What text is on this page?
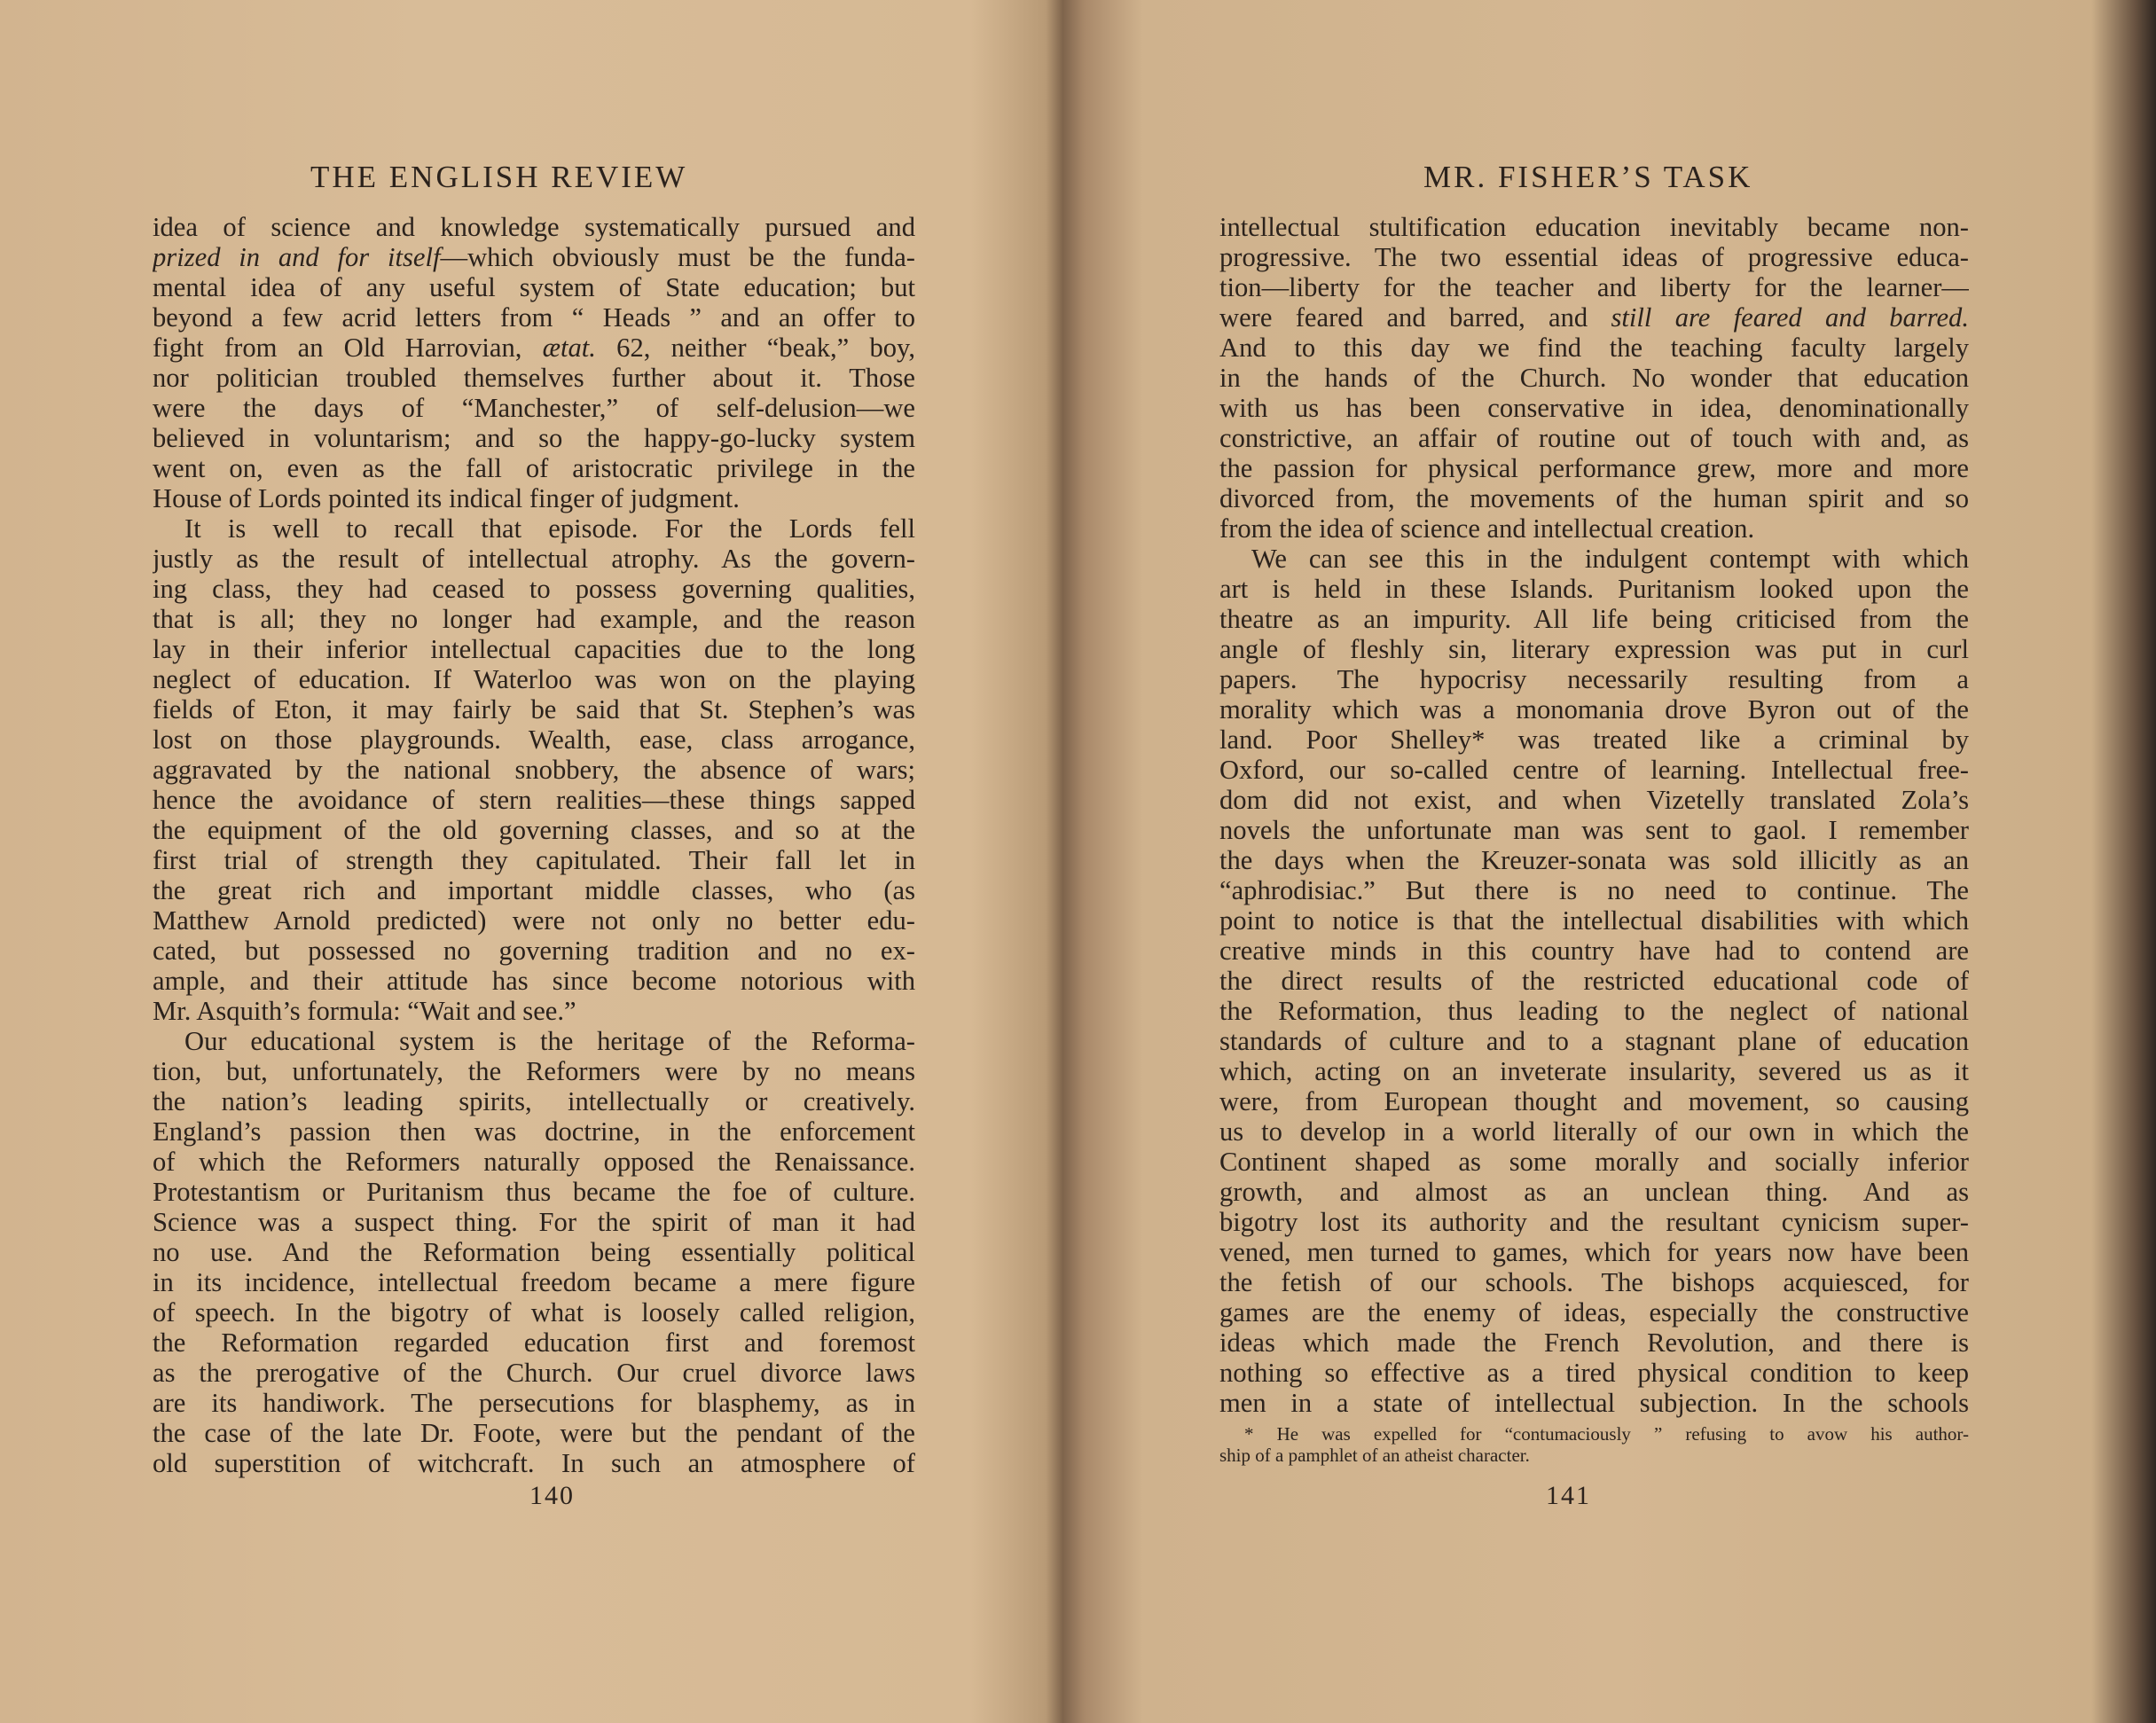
THE ENGLISH REVIEW
idea of science and knowledge systematically pursued and
prized in and for itself—which obviously must be the funda-
mental idea of any useful system of State education; but
beyond a few acrid letters from “ Heads ” and an offer to
fight from an Old Harrovian, ætat. 62, neither “beak,” boy,
nor politician troubled themselves further about it. Those
were the days of “Manchester,” of self-delusion—we
believed in voluntarism; and so the happy-go-lucky system
went on, even as the fall of aristocratic privilege in the
House of Lords pointed its indical finger of judgment.
It is well to recall that episode. For the Lords fell
justly as the result of intellectual atrophy. As the govern-
ing class, they had ceased to possess governing qualities,
that is all; they no longer had example, and the reason
lay in their inferior intellectual capacities due to the long
neglect of education. If Waterloo was won on the playing
fields of Eton, it may fairly be said that St. Stephen’s was
lost on those playgrounds. Wealth, ease, class arrogance,
aggravated by the national snobbery, the absence of wars;
hence the avoidance of stern realities—these things sapped
the equipment of the old governing classes, and so at the
first trial of strength they capitulated. Their fall let in
the great rich and important middle classes, who (as
Matthew Arnold predicted) were not only no better edu-
cated, but possessed no governing tradition and no ex-
ample, and their attitude has since become notorious with
Mr. Asquith’s formula: “Wait and see.”
Our educational system is the heritage of the Reforma-
tion, but, unfortunately, the Reformers were by no means
the nation’s leading spirits, intellectually or creatively.
England’s passion then was doctrine, in the enforcement
of which the Reformers naturally opposed the Renaissance.
Protestantism or Puritanism thus became the foe of culture.
Science was a suspect thing. For the spirit of man it had
no use. And the Reformation being essentially political
in its incidence, intellectual freedom became a mere figure
of speech. In the bigotry of what is loosely called religion,
the Reformation regarded education first and foremost
as the prerogative of the Church. Our cruel divorce laws
are its handiwork. The persecutions for blasphemy, as in
the case of the late Dr. Foote, were but the pendant of the
old superstition of witchcraft. In such an atmosphere of
140
MR. FISHER’S TASK
intellectual stultification education inevitably became non-
progressive. The two essential ideas of progressive educa-
tion—liberty for the teacher and liberty for the learner—
were feared and barred, and still are feared and barred.
And to this day we find the teaching faculty largely
in the hands of the Church. No wonder that education
with us has been conservative in idea, denominationally
constrictive, an affair of routine out of touch with and, as
the passion for physical performance grew, more and more
divorced from, the movements of the human spirit and so
from the idea of science and intellectual creation.
We can see this in the indulgent contempt with which
art is held in these Islands. Puritanism looked upon the
theatre as an impurity. All life being criticised from the
angle of fleshly sin, literary expression was put in curl
papers. The hypocrisy necessarily resulting from a
morality which was a monomania drove Byron out of the
land. Poor Shelley* was treated like a criminal by
Oxford, our so-called centre of learning. Intellectual free-
dom did not exist, and when Vizetelly translated Zola’s
novels the unfortunate man was sent to gaol. I remember
the days when the Kreuzer-sonata was sold illicitly as an
“aphrodisiac.” But there is no need to continue. The
point to notice is that the intellectual disabilities with which
creative minds in this country have had to contend are
the direct results of the restricted educational code of
the Reformation, thus leading to the neglect of national
standards of culture and to a stagnant plane of education
which, acting on an inveterate insularity, severed us as it
were, from European thought and movement, so causing
us to develop in a world literally of our own in which the
Continent shaped as some morally and socially inferior
growth, and almost as an unclean thing. And as
bigotry lost its authority and the resultant cynicism super-
vened, men turned to games, which for years now have been
the fetish of our schools. The bishops acquiesced, for
games are the enemy of ideas, especially the constructive
ideas which made the French Revolution, and there is
nothing so effective as a tired physical condition to keep
men in a state of intellectual subjection. In the schools
* He was expelled for “contumaciously ” refusing to avow his author-
ship of a pamphlet of an atheist character.
141
